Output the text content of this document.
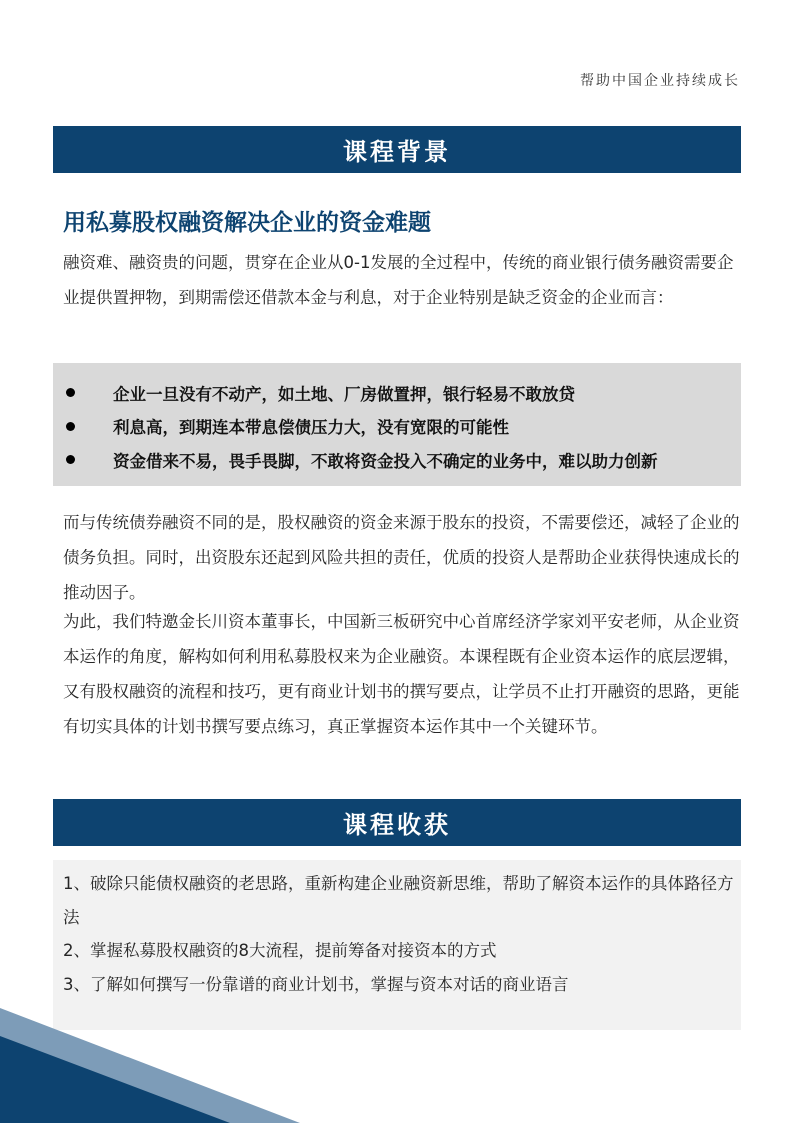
帮助中国企业持续成长
课程背景
用私募股权融资解决企业的资金难题

融资难、融资贵的问题，贯穿在企业从0-1发展的全过程中，传统的商业银行债务融资需要企业提供置押物，到期需偿还借款本金与利息，对于企业特别是缺乏资金的企业而言：

企业一旦没有不动产，如土地、厂房做置押，银行轻易不敢放贷
利息高，到期连本带息偿债压力大，没有宽限的可能性
资金借来不易，畏手畏脚，不敢将资金投入不确定的业务中，难以助力创新

而与传统债券融资不同的是，股权融资的资金来源于股东的投资，不需要偿还，减轻了企业的债务负担。同时，出资股东还起到风险共担的责任，优质的投资人是帮助企业获得快速成长的推动因子。

为此，我们特邀金长川资本董事长，中国新三板研究中心首席经济学家刘平安老师，从企业资本运作的角度，解构如何利用私募股权来为企业融资。本课程既有企业资本运作的底层逻辑，又有股权融资的流程和技巧，更有商业计划书的撰写要点，让学员不止打开融资的思路，更能有切实具体的计划书撰写要点练习，真正掌握资本运作其中一个关键环节。

课程收获
1、破除只能债权融资的老思路，重新构建企业融资新思维，帮助了解资本运作的具体路径方法
2、掌握私募股权融资的8大流程，提前筹备对接资本的方式
3、了解如何撰写一份靠谱的商业计划书，掌握与资本对话的商业语言
